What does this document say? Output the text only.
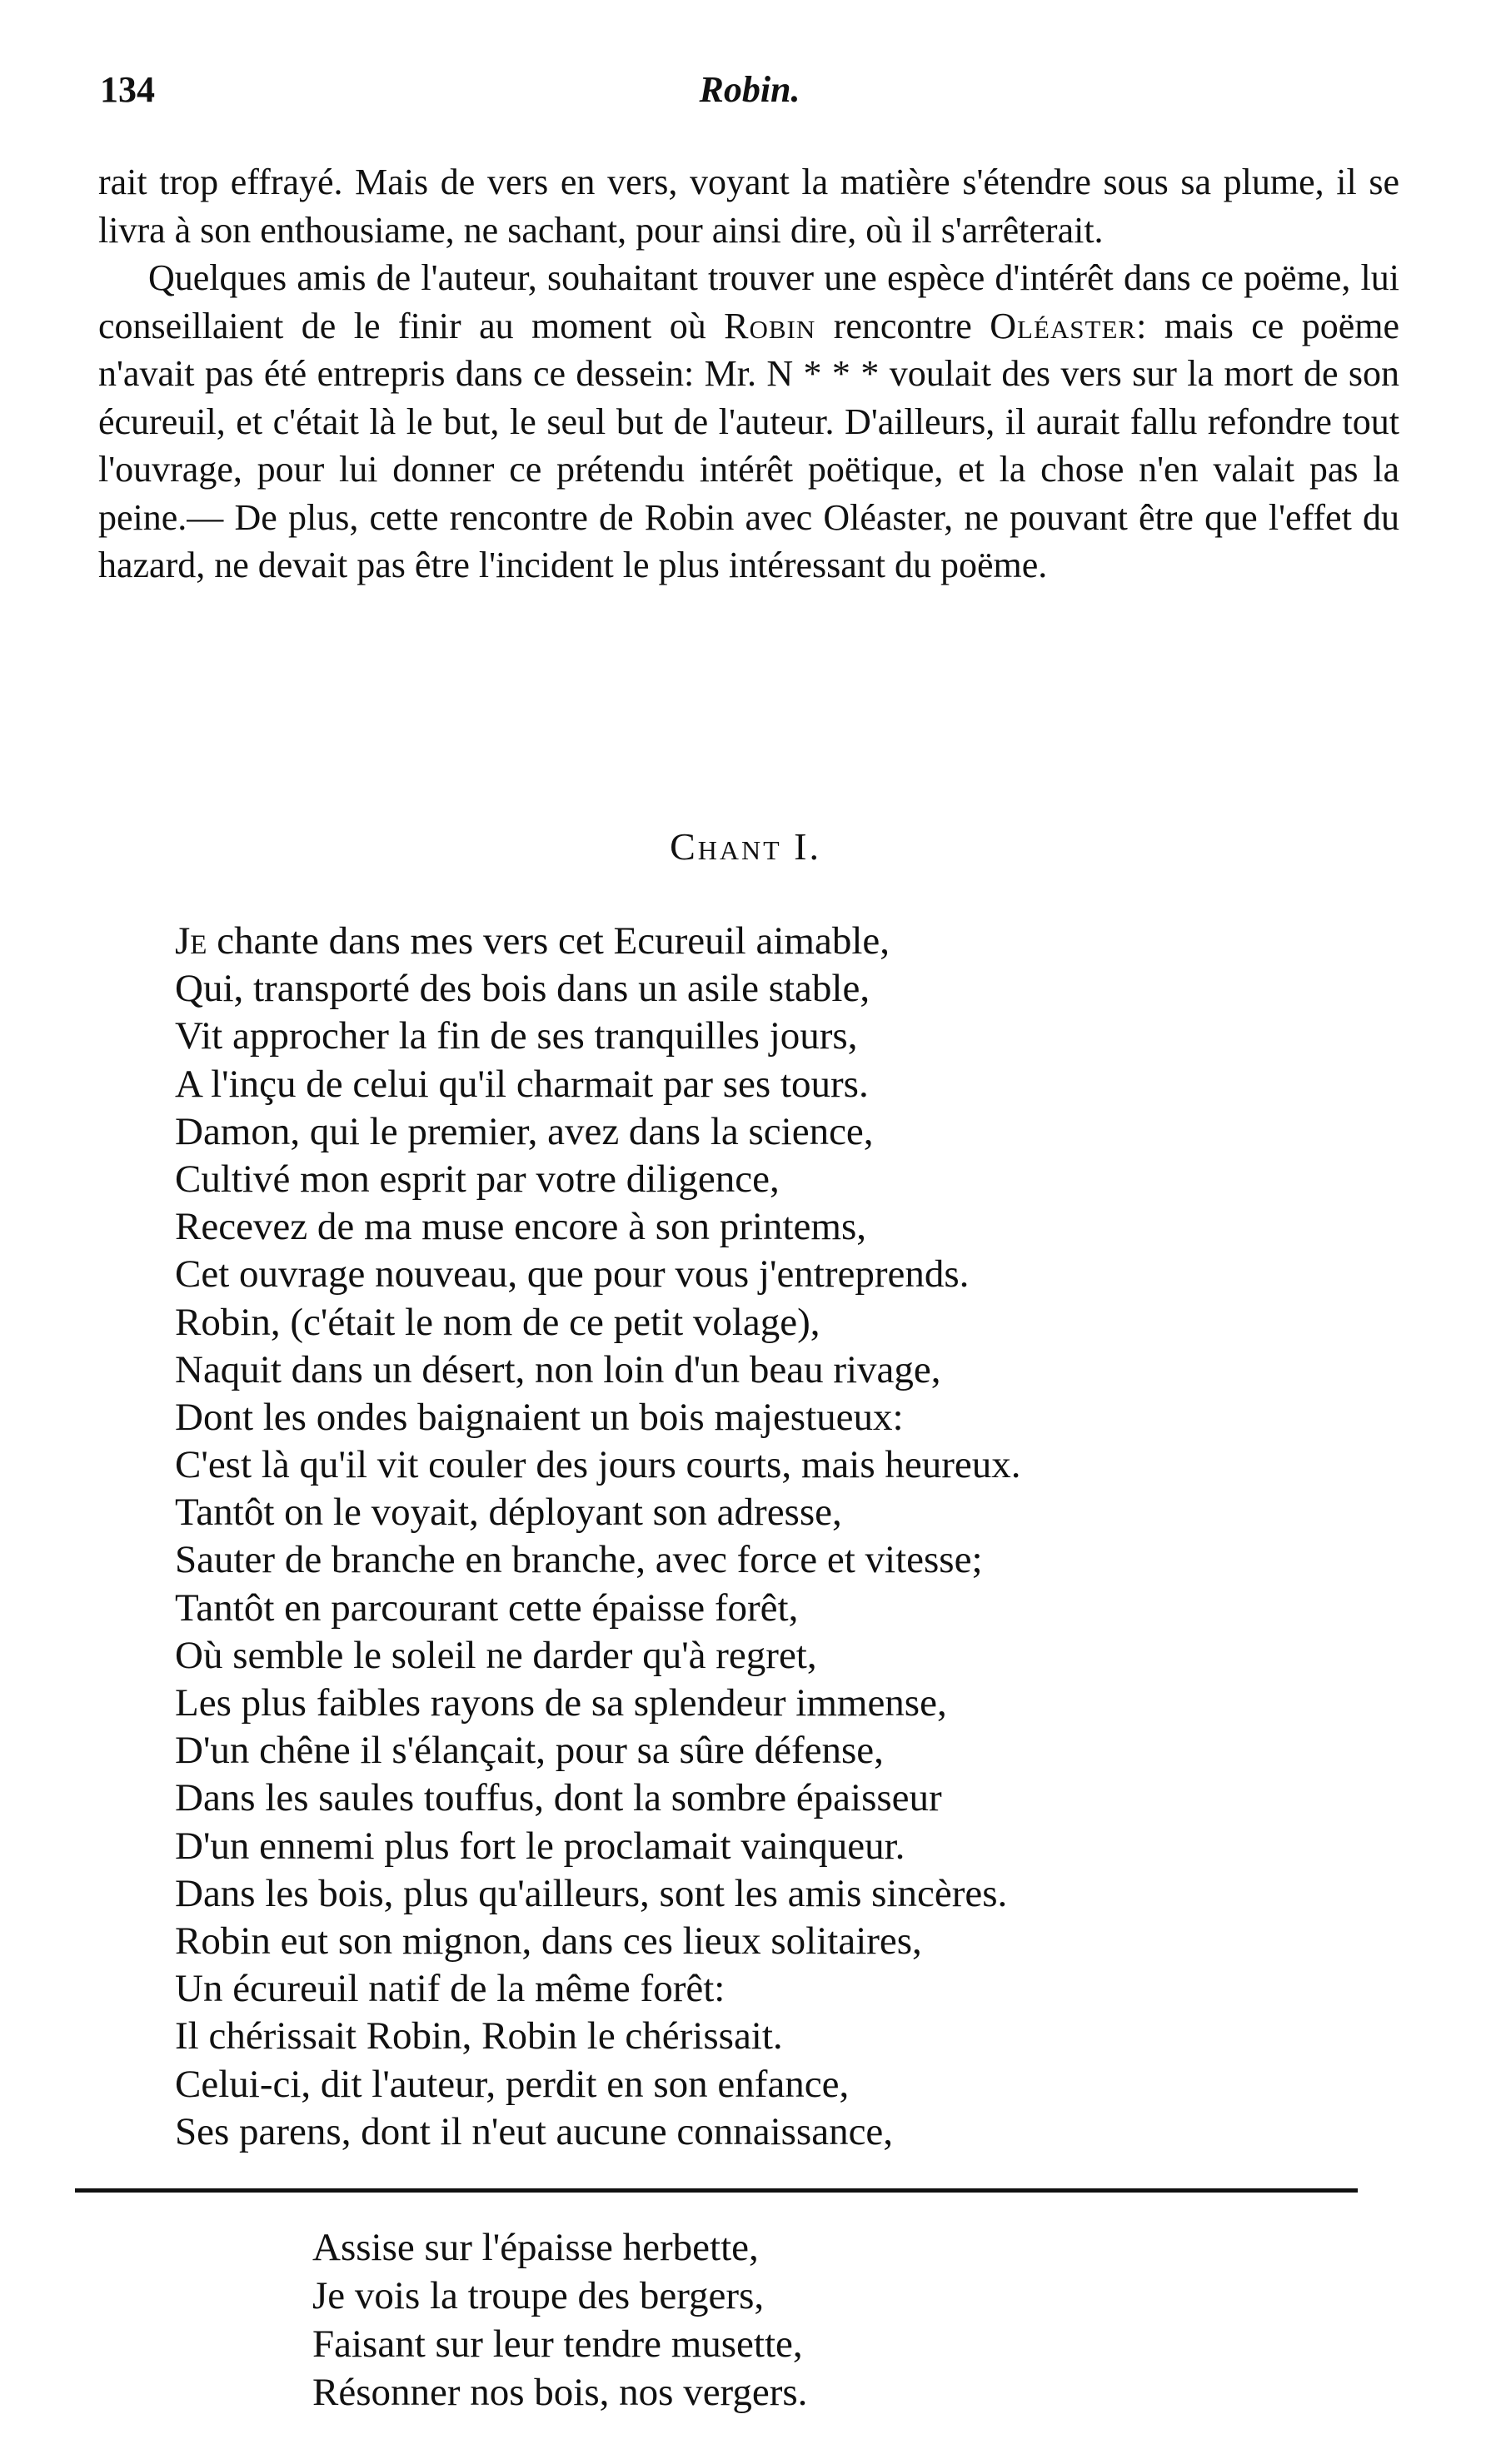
134	Robin.

rait trop effrayé. Mais de vers en vers, voyant la matière s'étendre sous sa plume, il se livra à son enthousiame, ne sachant, pour ainsi dire, où il s'arrêterait.

Quelques amis de l'auteur, souhaitant trouver une espèce d'intérêt dans ce poëme, lui conseillaient de le finir au moment où Robin rencontre Oléaster: mais ce poëme n'avait pas été entrepris dans ce dessein: Mr. N * * * voulait des vers sur la mort de son écureuil, et c'était là le but, le seul but de l'auteur. D'ailleurs, il aurait fallu refondre tout l'ouvrage, pour lui donner ce prétendu intérêt poëtique, et la chose n'en valait pas la peine.— De plus, cette rencontre de Robin avec Oléaster, ne pouvant être que l'effet du hazard, ne devait pas être l'incident le plus intéressant du poëme.

Chant I.
Je chante dans mes vers cet Ecureuil aimable,
Qui, transporté des bois dans un asile stable,
Vit approcher la fin de ses tranquilles jours,
A l'inçu de celui qu'il charmait par ses tours.
Damon, qui le premier, avez dans la science,
Cultivé mon esprit par votre diligence,
Recevez de ma muse encore à son printems,
Cet ouvrage nouveau, que pour vous j'entreprends.
Robin, (c'était le nom de ce petit volage),
Naquit dans un désert, non loin d'un beau rivage,
Dont les ondes baignaient un bois majestueux:
C'est là qu'il vit couler des jours courts, mais heureux.
Tantôt on le voyait, déployant son adresse,
Sauter de branche en branche, avec force et vitesse;
Tantôt en parcourant cette épaisse forêt,
Où semble le soleil ne darder qu'à regret,
Les plus faibles rayons de sa splendeur immense,
D'un chêne il s'élançait, pour sa sûre défense,
Dans les saules touffus, dont la sombre épaisseur
D'un ennemi plus fort le proclamait vainqueur.
Dans les bois, plus qu'ailleurs, sont les amis sincères.
Robin eut son mignon, dans ces lieux solitaires,
Un écureuil natif de la même forêt:
Il chérissait Robin, Robin le chérissait.
Celui-ci, dit l'auteur, perdit en son enfance,
Ses parens, dont il n'eut aucune connaissance,
Assise sur l'épaisse herbette,
Je vois la troupe des bergers,
Faisant sur leur tendre musette,
Résonner nos bois, nos vergers.
